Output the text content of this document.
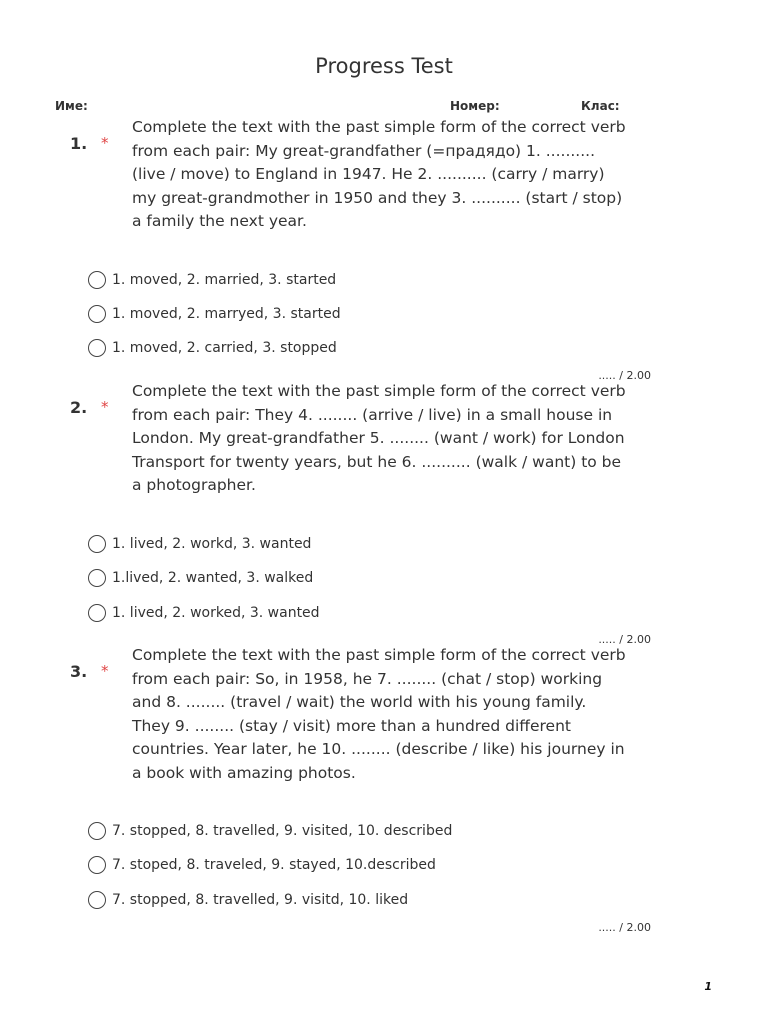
Progress Test
Име:	Номер:	Клас:
1. *
Complete the text with the past simple form of the correct verb
from each pair: My great-grandfather (=прадядо) 1. ..........
(live / move) to England in 1947. He 2. .......... (carry / marry)
my great-grandmother in 1950 and they 3. .......... (start / stop)
a family the next year.
1. moved, 2. married, 3. started
1. moved, 2. marryed, 3. started
1. moved, 2. carried, 3. stopped
..... / 2.00
2. *
Complete the text with the past simple form of the correct verb
from each pair: They 4. ........ (arrive / live) in a small house in
London. My great-grandfather 5. ........ (want / work) for London
Transport for twenty years, but he 6. .......... (walk / want) to be
a photographer.
1. lived, 2. workd, 3. wanted
1.lived, 2. wanted, 3. walked
1. lived, 2. worked, 3. wanted
..... / 2.00
3. *
Complete the text with the past simple form of the correct verb
from each pair: So, in 1958, he 7. ........ (chat / stop) working
and 8. ........ (travel / wait) the world with his young family.
They 9. ........ (stay / visit) more than a hundred different
countries. Year later, he 10. ........ (describe / like) his journey in
a book with amazing photos.
7. stopped, 8. travelled, 9. visited, 10. described
7. stoped, 8. traveled, 9. stayed, 10.described
7. stopped, 8. travelled, 9. visitd, 10. liked
..... / 2.00
1
